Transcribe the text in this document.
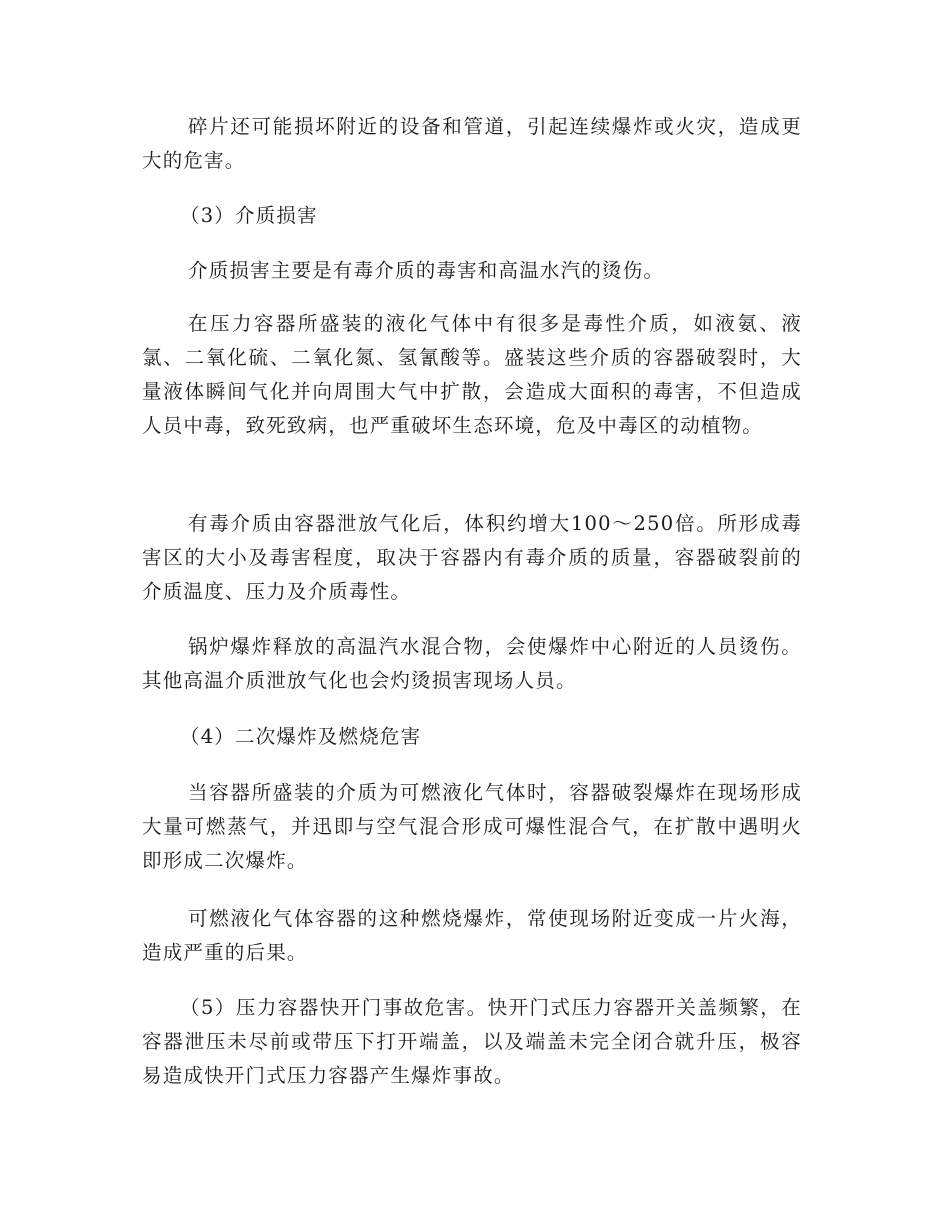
碎片还可能损坏附近的设备和管道，引起连续爆炸或火灾，造成更大的危害。

（3）介质损害

介质损害主要是有毒介质的毒害和高温水汽的烫伤。

在压力容器所盛装的液化气体中有很多是毒性介质，如液氨、液氯、二氧化硫、二氧化氮、氢氰酸等。盛装这些介质的容器破裂时，大量液体瞬间气化并向周围大气中扩散，会造成大面积的毒害，不但造成人员中毒，致死致病，也严重破坏生态环境，危及中毒区的动植物。

有毒介质由容器泄放气化后，体积约增大100～250倍。所形成毒害区的大小及毒害程度，取决于容器内有毒介质的质量，容器破裂前的介质温度、压力及介质毒性。

锅炉爆炸释放的高温汽水混合物，会使爆炸中心附近的人员烫伤。其他高温介质泄放气化也会灼烫损害现场人员。

（4）二次爆炸及燃烧危害

当容器所盛装的介质为可燃液化气体时，容器破裂爆炸在现场形成大量可燃蒸气，并迅即与空气混合形成可爆性混合气，在扩散中遇明火即形成二次爆炸。

可燃液化气体容器的这种燃烧爆炸，常使现场附近变成一片火海，造成严重的后果。

（5）压力容器快开门事故危害。快开门式压力容器开关盖频繁，在容器泄压未尽前或带压下打开端盖，以及端盖未完全闭合就升压，极容易造成快开门式压力容器产生爆炸事故。
